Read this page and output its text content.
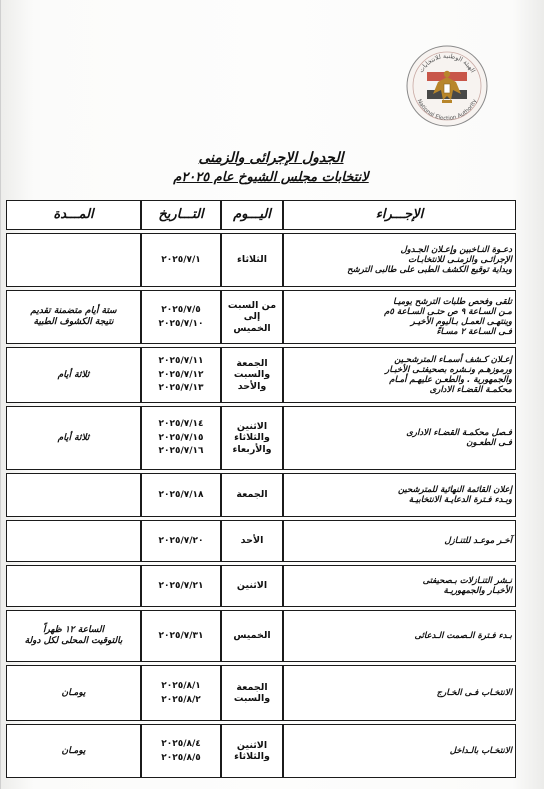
الهيئة الوطنية للانتخابات
National Election Authority
الجدول الإجرائى والزمنى
لانتخابات مجلس الشيوخ عام ٢٠٢٥م
الإجـــراء	اليـــوم	التـــاريخ	المـــدة

دعـوة النـاخبين وإعـلان الجـدول
الإجرائـى والزمنـى للانتخابـات
وبداية توقيع الكشف الطبى على طالبى الترشح	الثلاثاء	٢٠٢٥/٧/١	

تلقى وفحص طلبات الترشح يوميـا
مـن السـاعة ٩ ص حتـى السـاعة ٥م
وينتهـى العمـل بـاليوم الأخيـر
فـى السـاعة ٢ مسـاءً	من السبت
إلى الخميس	٢٠٢٥/٧/٥
٢٠٢٥/٧/١٠	ستة أيام متضمنة تقديم
نتيجة الكشوف الطبية

إعـلان كـشف أسمـاء المترشحـين
ورموزهـم ونـشره بصحيفتـى الأخبـار
والجمهورية . والطعـن عليهـم أمـام
محكمـة القضـاء الادارى	الجمعة
والسبت
والأحد	٢٠٢٥/٧/١١
٢٠٢٥/٧/١٢
٢٠٢٥/٧/١٣	ثلاثة أيام

فـصل محكمـة القضـاء الادارى
فـى الطعـون	الاثنين
والثلاثاء
والأربعاء	٢٠٢٥/٧/١٤
٢٠٢٥/٧/١٥
٢٠٢٥/٧/١٦	ثلاثة أيام

إعلان القائمة النهائية للمترشحين
وبـدء فـترة الدعايـة الانتخابيـة	الجمعة	٢٠٢٥/٧/١٨	

آخـر موعـد للتنـازل	الأحد	٢٠٢٥/٧/٢٠	

نـشر التنـازلات بـصحيفتى
الأخبـار والجمهوريـة	الاثنين	٢٠٢٥/٧/٢١	

بـدء فـترة الـصمت الـدعائى	الخميس	٢٠٢٥/٧/٣١	الساعة ١٢ ظهراً
بالتوقيت المحلى لكل دولة

الانتخـاب فـى الخـارج	الجمعة
والسبت	٢٠٢٥/٨/١
٢٠٢٥/٨/٢	يومـان

الانتخـاب بالـداخل	الاثنين
والثلاثاء	٢٠٢٥/٨/٤
٢٠٢٥/٨/٥	يومـان
